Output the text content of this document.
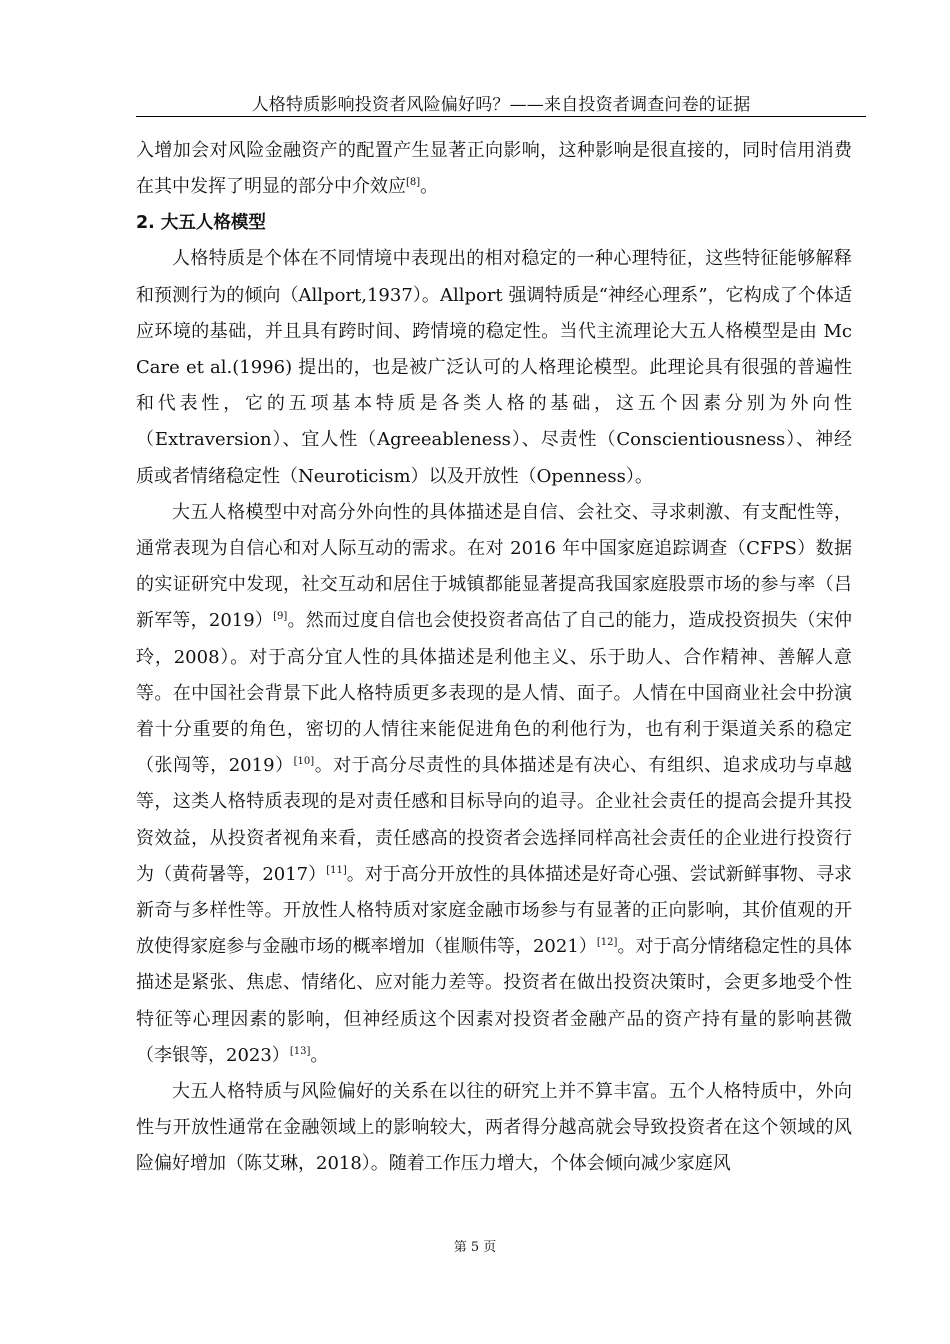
人格特质影响投资者风险偏好吗？——来自投资者调查问卷的证据

入增加会对风险金融资产的配置产生显著正向影响，这种影响是很直接的，同时信用消费在其中发挥了明显的部分中介效应[8]。

2. 大五人格模型

人格特质是个体在不同情境中表现出的相对稳定的一种心理特征，这些特征能够解释和预测行为的倾向（Allport,1937）。Allport 强调特质是“神经心理系”，它构成了个体适应环境的基础，并且具有跨时间、跨情境的稳定性。当代主流理论大五人格模型是由 Mc Care et al.(1996) 提出的，也是被广泛认可的人格理论模型。此理论具有很强的普遍性和代表性，它的五项基本特质是各类人格的基础，这五个因素分别为外向性（Extraversion）、宜人性（Agreeableness）、尽责性（Conscientiousness）、神经质或者情绪稳定性（Neuroticism）以及开放性（Openness）。

大五人格模型中对高分外向性的具体描述是自信、会社交、寻求刺激、有支配性等，通常表现为自信心和对人际互动的需求。在对 2016 年中国家庭追踪调查（CFPS）数据的实证研究中发现，社交互动和居住于城镇都能显著提高我国家庭股票市场的参与率（吕新军等，2019）[9]。然而过度自信也会使投资者高估了自己的能力，造成投资损失（宋仲玲，2008）。对于高分宜人性的具体描述是利他主义、乐于助人、合作精神、善解人意等。在中国社会背景下此人格特质更多表现的是人情、面子。人情在中国商业社会中扮演着十分重要的角色，密切的人情往来能促进角色的利他行为，也有利于渠道关系的稳定（张闯等，2019）[10]。对于高分尽责性的具体描述是有决心、有组织、追求成功与卓越等，这类人格特质表现的是对责任感和目标导向的追寻。企业社会责任的提高会提升其投资效益，从投资者视角来看，责任感高的投资者会选择同样高社会责任的企业进行投资行为（黄荷暑等，2017）[11]。对于高分开放性的具体描述是好奇心强、尝试新鲜事物、寻求新奇与多样性等。开放性人格特质对家庭金融市场参与有显著的正向影响，其价值观的开放使得家庭参与金融市场的概率增加（崔顺伟等，2021）[12]。对于高分情绪稳定性的具体描述是紧张、焦虑、情绪化、应对能力差等。投资者在做出投资决策时，会更多地受个性特征等心理因素的影响，但神经质这个因素对投资者金融产品的资产持有量的影响甚微（李银等，2023）[13]。

大五人格特质与风险偏好的关系在以往的研究上并不算丰富。五个人格特质中，外向性与开放性通常在金融领域上的影响较大，两者得分越高就会导致投资者在这个领域的风险偏好增加（陈艾琳，2018）。随着工作压力增大，个体会倾向减少家庭风

第 5 页
